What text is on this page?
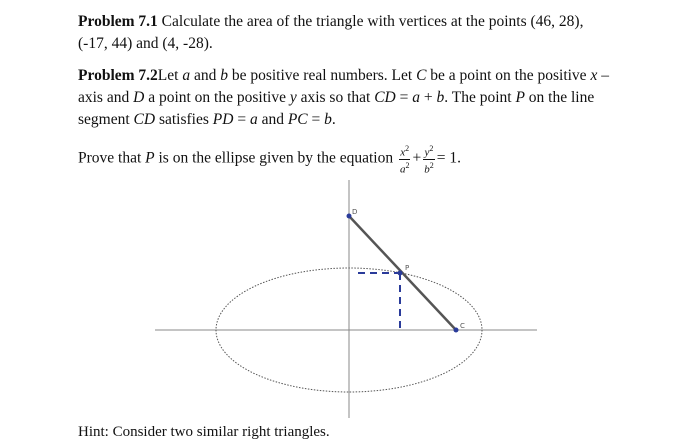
Problem 7.1 Calculate the area of the triangle with vertices at the points (46, 28),
(-17, 44) and (4, -28).
Problem 7.2Let a and b be positive real numbers. Let C be a point on the positive x –
axis and D a point on the positive y axis so that CD = a + b. The point P on the line
segment CD satisfies PD = a and PC = b.
Prove that P is on the ellipse given by the equation $\frac{x^2}{a^2} + \frac{y^2}{b^2} = 1$.
D
P
C
Hint: Consider two similar right triangles.
